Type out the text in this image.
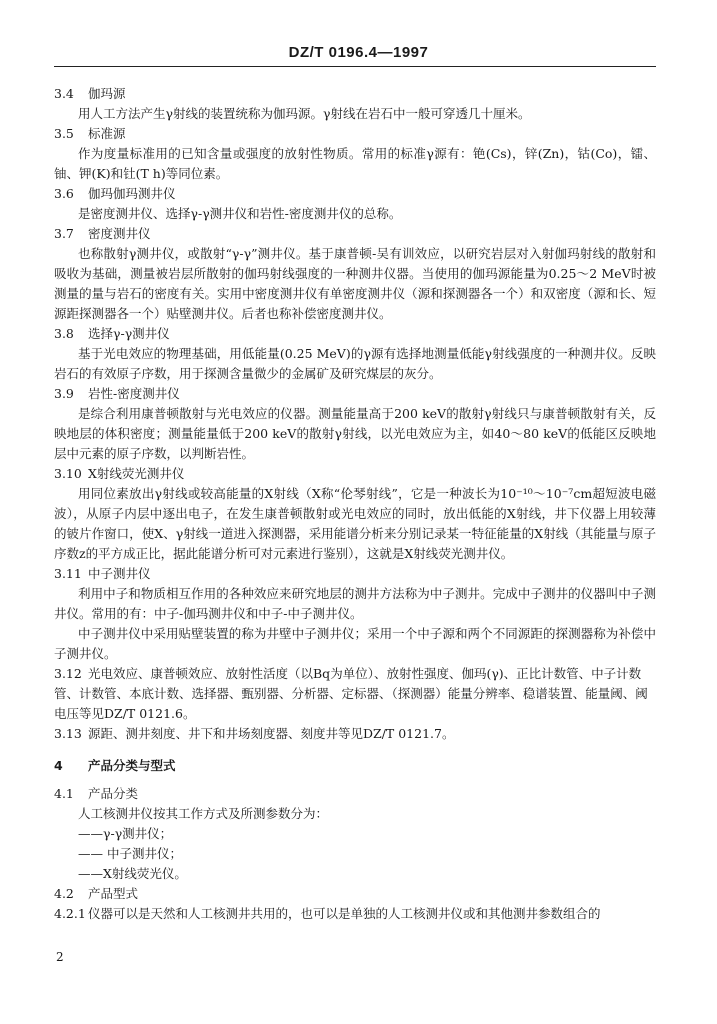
DZ/T 0196.4—1997

3.4 伽玛源

用人工方法产生γ射线的装置统称为伽玛源。γ射线在岩石中一般可穿透几十厘米。

3.5 标准源

作为度量标准用的已知含量或强度的放射性物质。常用的标准γ源有：铯(Cs)，锌(Zn)，钴(Co)，镭、铀、钾(K)和钍(T h)等同位素。

3.6 伽玛伽玛测井仪

是密度测井仪、选择γ-γ测井仪和岩性-密度测井仪的总称。

3.7 密度测井仪

也称散射γ测井仪，或散射“γ-γ”测井仪。基于康普顿-吴有训效应，以研究岩层对入射伽玛射线的散射和吸收为基础，测量被岩层所散射的伽玛射线强度的一种测井仪器。当使用的伽玛源能量为0.25～2 MeV时被测量的量与岩石的密度有关。实用中密度测井仪有单密度测井仪（源和探测器各一个）和双密度（源和长、短源距探测器各一个）贴壁测井仪。后者也称补偿密度测井仪。

3.8 选择γ-γ测井仪

基于光电效应的物理基础，用低能量(0.25 MeV)的γ源有选择地测量低能γ射线强度的一种测井仪。反映岩石的有效原子序数，用于探测含量微少的金属矿及研究煤层的灰分。

3.9 岩性-密度测井仪

是综合利用康普顿散射与光电效应的仪器。测量能量高于200 keV的散射γ射线只与康普顿散射有关，反映地层的体积密度；测量能量低于200 keV的散射γ射线，以光电效应为主，如40～80 keV的低能区反映地层中元素的原子序数，以判断岩性。

3.10 X射线荧光测井仪

用同位素放出γ射线或较高能量的X射线（X称“伦琴射线”，它是一种波长为10⁻¹⁰～10⁻⁷cm超短波电磁波），从原子内层中逐出电子，在发生康普顿散射或光电效应的同时，放出低能的X射线，井下仪器上用较薄的铍片作窗口，使X、γ射线一道进入探测器，采用能谱分析来分别记录某一特征能量的X射线（其能量与原子序数z的平方成正比，据此能谱分析可对元素进行鉴别），这就是X射线荧光测井仪。

3.11 中子测井仪

利用中子和物质相互作用的各种效应来研究地层的测井方法称为中子测井。完成中子测井的仪器叫中子测井仪。常用的有：中子-伽玛测井仪和中子-中子测井仪。

中子测井仪中采用贴壁装置的称为井壁中子测井仪；采用一个中子源和两个不同源距的探测器称为补偿中子测井仪。

3.12 光电效应、康普顿效应、放射性活度（以Bq为单位）、放射性强度、伽玛(γ)、正比计数管、中子计数管、计数管、本底计数、选择器、甄别器、分析器、定标器、（探测器）能量分辨率、稳谱装置、能量阈、阈电压等见DZ/T 0121.6。

3.13 源距、测井刻度、井下和井场刻度器、刻度井等见DZ/T 0121.7。

4 产品分类与型式

4.1 产品分类

人工核测井仪按其工作方式及所测参数分为：

——γ-γ测井仪；

—— 中子测井仪；

——X射线荧光仪。

4.2 产品型式

4.2.1 仪器可以是天然和人工核测井共用的，也可以是单独的人工核测井仪或和其他测井参数组合的

2
